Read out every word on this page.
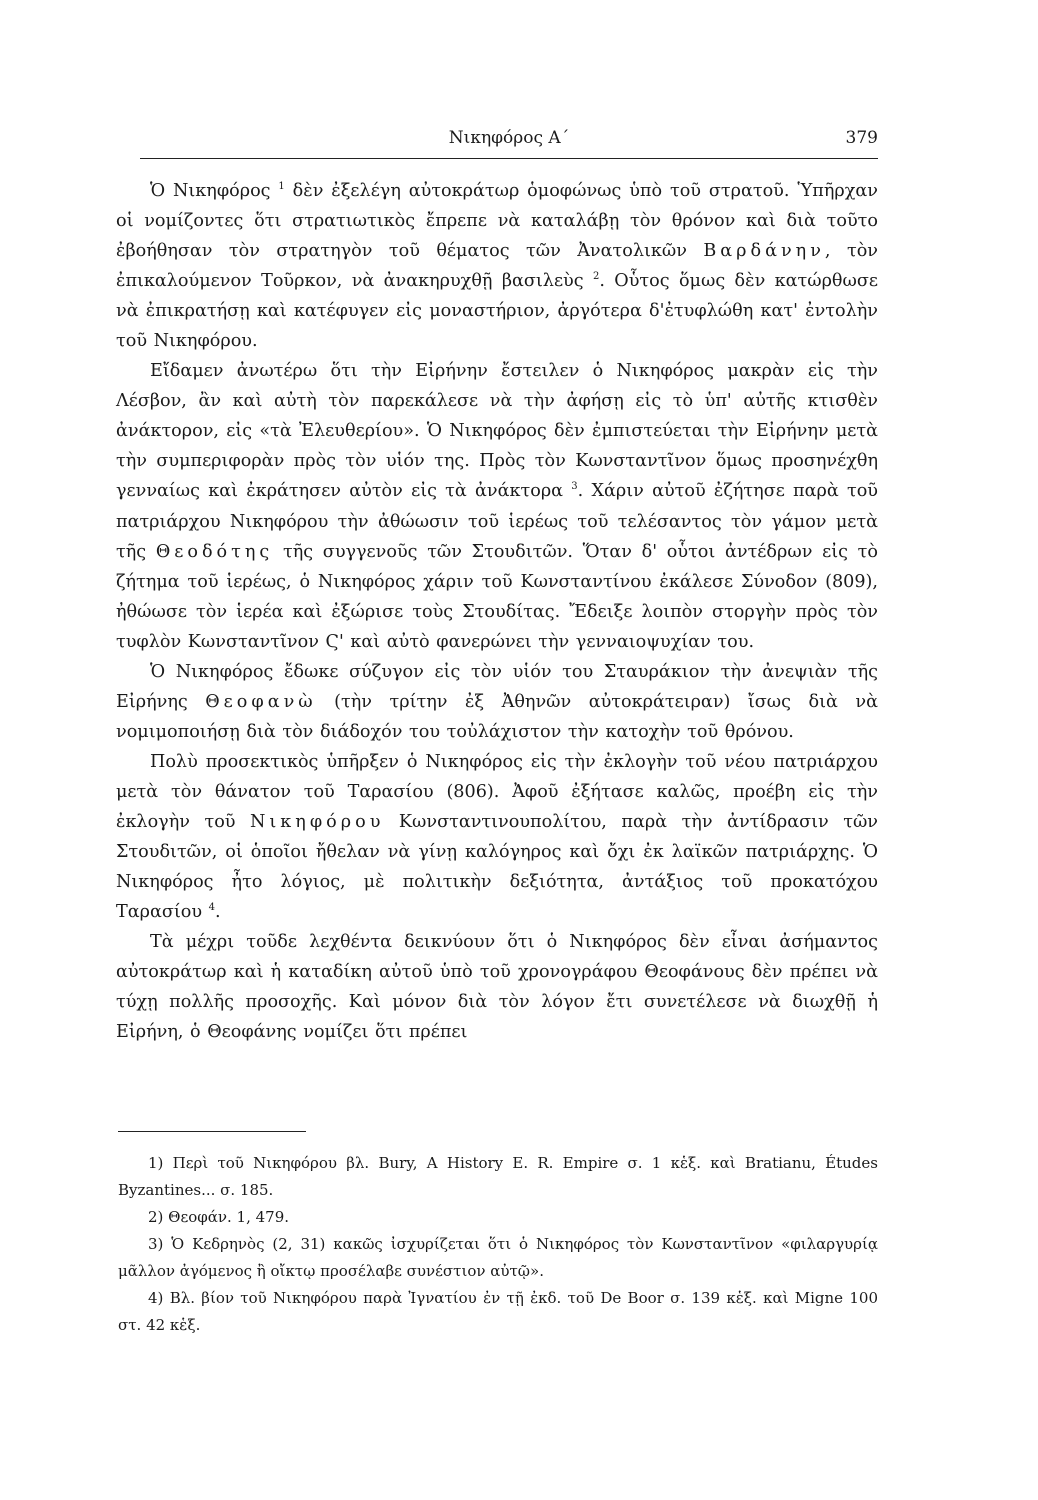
Νικηφόρος Α΄	379

Ὁ Νικηφόρος $^1$ δὲν ἐξελέγη αὐτοκράτωρ ὁμοφώνως ὑπὸ τοῦ στρατοῦ. Ὑπῆρχαν οἱ νομίζοντες ὅτι στρατιωτικὸς ἔπρεπε νὰ καταλάβῃ τὸν θρόνον καὶ διὰ τοῦτο ἐβοήθησαν τὸν στρατηγὸν τοῦ θέματος τῶν Ἀνατολικῶν Βαρδάνην, τὸν ἐπικαλούμενον Τοῦρκον, νὰ ἀνακηρυχθῇ βασιλεὺς $^2$. Οὗτος ὅμως δὲν κατώρθωσε νὰ ἐπικρατήσῃ καὶ κατέφυγεν εἰς μοναστήριον, ἀργότερα δ'ἐτυφλώθη κατ' ἐντολὴν τοῦ Νικηφόρου.

Εἴδαμεν ἀνωτέρω ὅτι τὴν Εἰρήνην ἔστειλεν ὁ Νικηφόρος μακρὰν εἰς τὴν Λέσβον, ἂν καὶ αὐτὴ τὸν παρεκάλεσε νὰ τὴν ἀφήσῃ εἰς τὸ ὑπ' αὐτῆς κτισθὲν ἀνάκτορον, εἰς «τὰ Ἐλευθερίου». Ὁ Νικηφόρος δὲν ἐμπιστεύεται τὴν Εἰρήνην μετὰ τὴν συμπεριφορὰν πρὸς τὸν υἱόν της. Πρὸς τὸν Κωνσταντῖνον ὅμως προσηνέχθη γενναίως καὶ ἐκράτησεν αὐτὸν εἰς τὰ ἀνάκτορα $^3$. Χάριν αὐτοῦ ἐζήτησε παρὰ τοῦ πατριάρχου Νικηφόρου τὴν ἀθώωσιν τοῦ ἱερέως τοῦ τελέσαντος τὸν γάμον μετὰ τῆς Θεοδότης τῆς συγγενοῦς τῶν Στουδιτῶν. Ὅταν δ' οὗτοι ἀντέδρων εἰς τὸ ζήτημα τοῦ ἱερέως, ὁ Νικηφόρος χάριν τοῦ Κωνσταντίνου ἐκάλεσε Σύνοδον (809), ἠθώωσε τὸν ἱερέα καὶ ἐξώρισε τοὺς Στουδίτας. Ἔδειξε λοιπὸν στοργὴν πρὸς τὸν τυφλὸν Κωνσταντῖνον Ϛ' καὶ αὐτὸ φανερώνει τὴν γενναιοψυχίαν του.

Ὁ Νικηφόρος ἔδωκε σύζυγον εἰς τὸν υἱόν του Σταυράκιον τὴν ἀνεψιὰν τῆς Εἰρήνης Θεοφανὼ (τὴν τρίτην ἐξ Ἀθηνῶν αὐτοκράτειραν) ἴσως διὰ νὰ νομιμοποιήσῃ διὰ τὸν διάδοχόν του τοὐλάχιστον τὴν κατοχὴν τοῦ θρόνου.

Πολὺ προσεκτικὸς ὑπῆρξεν ὁ Νικηφόρος εἰς τὴν ἐκλογὴν τοῦ νέου πατριάρχου μετὰ τὸν θάνατον τοῦ Ταρασίου (806). Ἀφοῦ ἐξήτασε καλῶς, προέβη εἰς τὴν ἐκλογὴν τοῦ Νικηφόρου Κωνσταντινουπολίτου, παρὰ τὴν ἀντίδρασιν τῶν Στουδιτῶν, οἱ ὁποῖοι ἤθελαν νὰ γίνῃ καλόγηρος καὶ ὄχι ἐκ λαϊκῶν πατριάρχης. Ὁ Νικηφόρος ἦτο λόγιος, μὲ πολιτικὴν δεξιότητα, ἀντάξιος τοῦ προκατόχου Ταρασίου $^4$.

Τὰ μέχρι τοῦδε λεχθέντα δεικνύουν ὅτι ὁ Νικηφόρος δὲν εἶναι ἀσήμαντος αὐτοκράτωρ καὶ ἡ καταδίκη αὐτοῦ ὑπὸ τοῦ χρονογράφου Θεοφάνους δὲν πρέπει νὰ τύχῃ πολλῆς προσοχῆς. Καὶ μόνον διὰ τὸν λόγον ἔτι συνετέλεσε νὰ διωχθῇ ἡ Εἰρήνη, ὁ Θεοφάνης νομίζει ὅτι πρέπει

1) Περὶ τοῦ Νικηφόρου βλ. Bury, A History E. R. Empire σ. 1 κἑξ. καὶ Bratianu, Études Byzantines... σ. 185.

2) Θεοφάν. 1, 479.

3) Ὁ Κεδρηνὸς (2, 31) κακῶς ἰσχυρίζεται ὅτι ὁ Νικηφόρος τὸν Κωνσταντῖνον «φιλαργυρίᾳ μᾶλλον ἀγόμενος ἢ οἴκτῳ προσέλαβε συνέστιον αὐτῷ».

4) Βλ. βίον τοῦ Νικηφόρου παρὰ Ἰγνατίου ἐν τῇ ἐκδ. τοῦ De Boor σ. 139 κἑξ. καὶ Migne 100 στ. 42 κἑξ.
